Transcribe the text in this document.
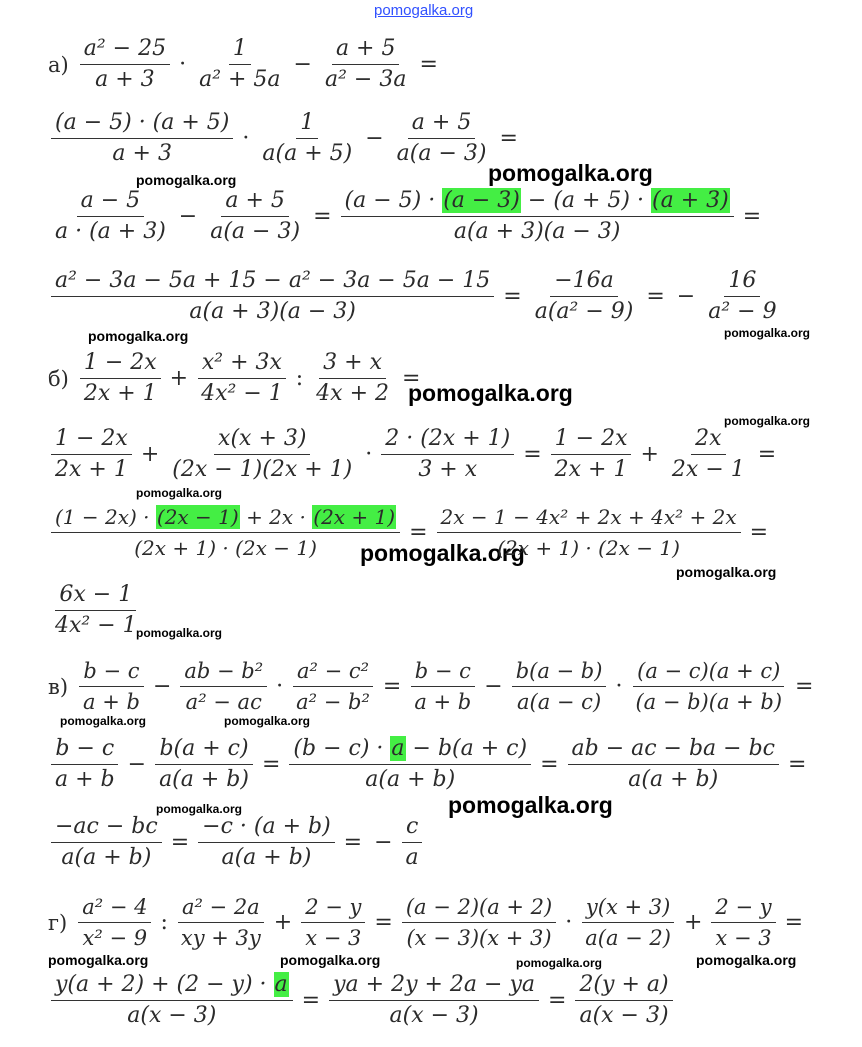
pomogalka.org
pomogalka.org
pomogalka.org
pomogalka.org	pomogalka.org
pomogalka.org
pomogalka.org
pomogalka.org
pomogalka.org
pomogalka.org
pomogalka.org
pomogalka.org	pomogalka.org
pomogalka.org
pomogalka.org
pomogalka.org	pomogalka.org	pomogalka.org	pomogalka.org
$а) \frac{\text{a² − 25}}{a + 3} \cdot \frac{1}{\text{a² + 5a}} - \frac{a + 5}{\text{a² − 3a}}$ =
$\frac{(a - 5) \cdot (a + 5)}{a + 3} \cdot \frac{1}{a(a + 5)} - \frac{a + 5}{a(a - 3)}$ =
$\frac{a - 5}{a \cdot (a + 3)} - \frac{a + 5}{a(a - 3)} = \frac{(a - 5) \cdot (a - 3) - (a + 5) \cdot (a + 3)}{a(a + 3)(a - 3)}$ =
$\frac{\text{a² − 3a − 5a + 15 − a² − 3a − 5a − 15}}{a(a + 3)(a - 3)} = \frac{-16a}{\text{a(a² − 9)}}$ = − $\frac{16}{\text{a² − 9}}$
$б) \frac{1 - 2x}{2x + 1} + \frac{\text{x² + 3x}}{\text{4x² − 1}}$ : $\frac{3 + x}{4x + 2}$ =
$\frac{1 - 2x}{2x + 1} + \frac{x(x + 3)}{(2x - 1)(2x + 1)} \cdot \frac{2 \cdot (2x + 1)}{3 + x} = \frac{1 - 2x}{2x + 1} + \frac{2x}{2x - 1}$ =
$\frac{(1 - 2x) \cdot (2x - 1) + 2x \cdot (2x + 1)}{(2x + 1) \cdot (2x - 1)} = \frac{\text{2x − 1 − 4x² + 2x + 4x² + 2x}}{(2x + 1) \cdot (2x - 1)}$ =
$\frac{6x - 1}{\text{4x² − 1}}$
$в) \frac{b - c}{a + b} - \frac{\text{ab − b²}}{\text{a² − ac}} \cdot \frac{\text{a² − c²}}{\text{a² − b²}} = \frac{b - c}{a + b} - \frac{b(a - b)}{a(a - c)} \cdot \frac{(a - c)(a + c)}{(a - b)(a + b)}$ =
$\frac{b - c}{a + b} - \frac{b(a + c)}{a(a + b)} = \frac{(b - c) \cdot a - b(a + c)}{a(a + b)} = \frac{ab - ac - ba - bc}{a(a + b)}$ =
$\frac{-ac - bc}{a(a + b)} = \frac{-c \cdot (a + b)}{a(a + b)}$ = − $\frac{c}{a}$
$г) \frac{\text{a² − 4}}{\text{x² − 9}}$ : $\frac{\text{a² − 2a}}{xy + 3y} + \frac{2 - y}{x - 3} = \frac{(a - 2)(a + 2)}{(x - 3)(x + 3)} \cdot \frac{y(x + 3)}{a(a - 2)} + \frac{2 - y}{x - 3}$ =
$\frac{y(a + 2) + (2 - y) \cdot a}{a(x - 3)} = \frac{ya + 2y + 2a - ya}{a(x - 3)} = \frac{2(y + a)}{a(x - 3)}$
